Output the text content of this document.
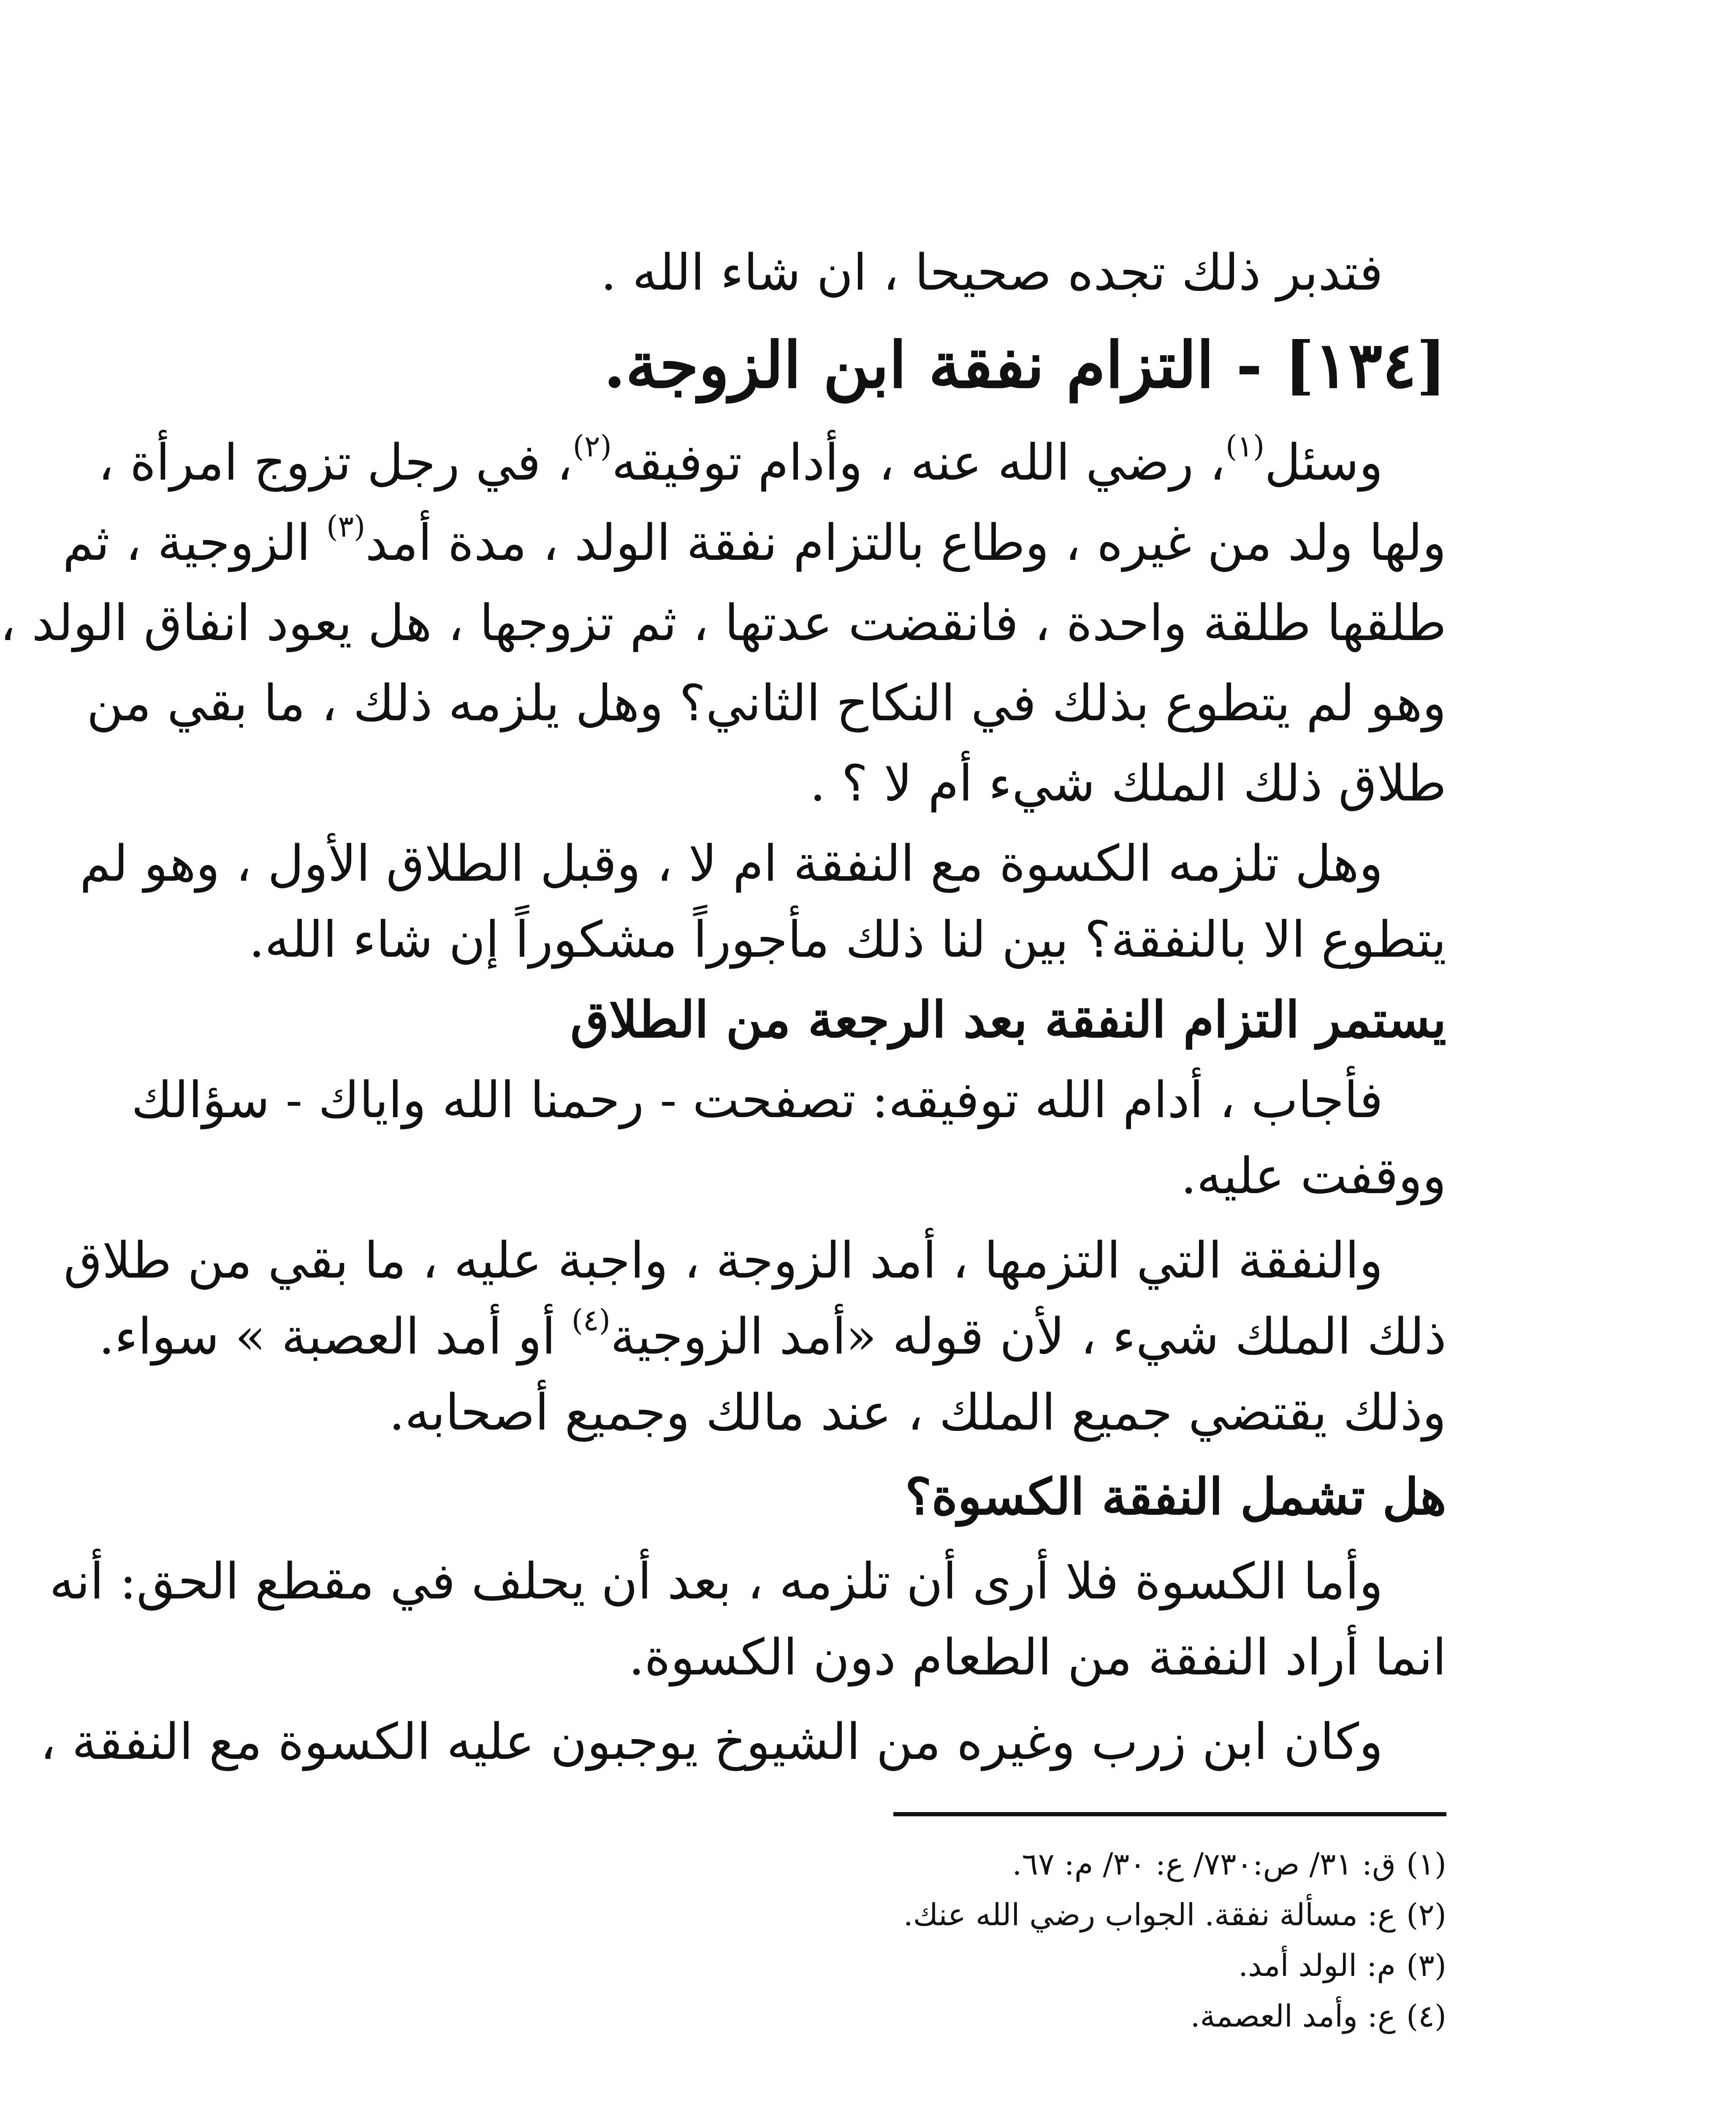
فتدبر ذلك تجده صحيحا ، ان شاء الله .
[١٣٤] - التزام نفقة ابن الزوجة.
وسئل$^{(١)}$، رضي الله عنه ، وأدام توفيقه$^{(٢)}$، في رجل تزوج امرأة ،
ولها ولد من غيره ، وطاع بالتزام نفقة الولد ، مدة أمد$^{(٣)}$ الزوجية ، ثم
طلقها طلقة واحدة ، فانقضت عدتها ، ثم تزوجها ، هل يعود انفاق الولد ،
وهو لم يتطوع بذلك في النكاح الثاني؟ وهل يلزمه ذلك ، ما بقي من
طلاق ذلك الملك شيء أم لا ؟ .
وهل تلزمه الكسوة مع النفقة ام لا ، وقبل الطلاق الأول ، وهو لم
يتطوع الا بالنفقة؟ بين لنا ذلك مأجوراً مشكوراً إن شاء الله.
يستمر التزام النفقة بعد الرجعة من الطلاق
فأجاب ، أدام الله توفيقه: تصفحت - رحمنا الله واياك - سؤالك
ووقفت عليه.
والنفقة التي التزمها ، أمد الزوجة ، واجبة عليه ، ما بقي من طلاق
ذلك الملك شيء ، لأن قوله «أمد الزوجية$^{(٤)}$ أو أمد العصبة » سواء.
وذلك يقتضي جميع الملك ، عند مالك وجميع أصحابه.
هل تشمل النفقة الكسوة؟
وأما الكسوة فلا أرى أن تلزمه ، بعد أن يحلف في مقطع الحق: أنه
انما أراد النفقة من الطعام دون الكسوة.
وكان ابن زرب وغيره من الشيوخ يوجبون عليه الكسوة مع النفقة ،
(١)ق: ٣١/ ص:٧٣٠/ ع: ٣٠/ م: ٦٧.
(٢)ع: مسألة نفقة. الجواب رضي الله عنك.
(٣)م: الولد أمد.
(٤)ع: وأمد العصمة.
